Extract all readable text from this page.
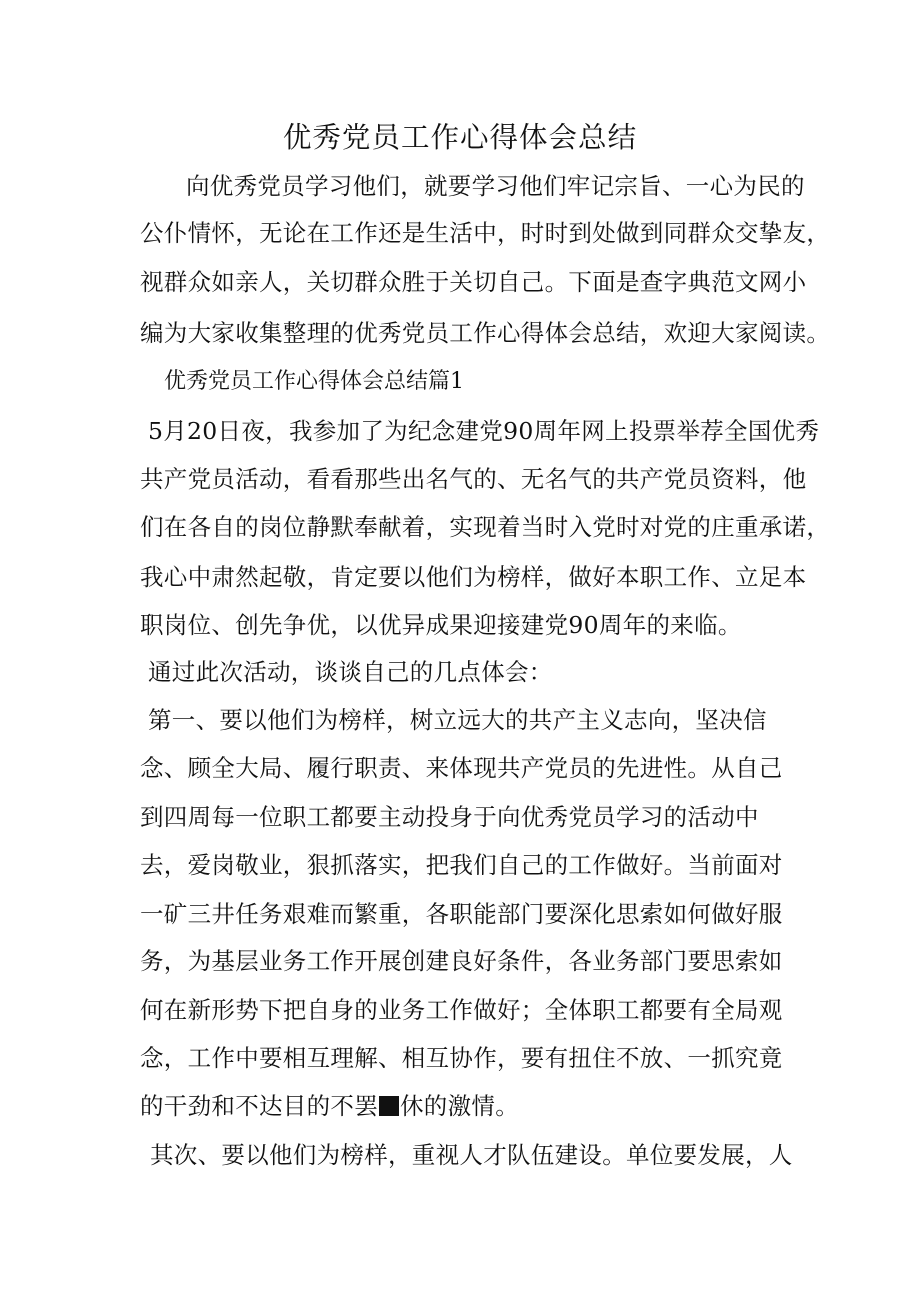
优秀党员工作心得体会总结
向优秀党员学习他们，就要学习他们牢记宗旨、一心为民的
公仆情怀，无论在工作还是生活中，时时到处做到同群众交挚友，
视群众如亲人，关切群众胜于关切自己。下面是查字典范文网小
编为大家收集整理的优秀党员工作心得体会总结，欢迎大家阅读。
优秀党员工作心得体会总结篇1
5月20日夜，我参加了为纪念建党90周年网上投票举荐全国优秀
共产党员活动，看看那些出名气的、无名气的共产党员资料，他
们在各自的岗位静默奉献着，实现着当时入党时对党的庄重承诺，
我心中肃然起敬，肯定要以他们为榜样，做好本职工作、立足本
职岗位、创先争优，以优异成果迎接建党90周年的来临。
通过此次活动，谈谈自己的几点体会：
第一、要以他们为榜样，树立远大的共产主义志向，坚决信
念、顾全大局、履行职责、来体现共产党员的先进性。从自己
到四周每一位职工都要主动投身于向优秀党员学习的活动中
去，爱岗敬业，狠抓落实，把我们自己的工作做好。当前面对
一矿三井任务艰难而繁重，各职能部门要深化思索如何做好服
务，为基层业务工作开展创建良好条件，各业务部门要思索如
何在新形势下把自身的业务工作做好；全体职工都要有全局观
念，工作中要相互理解、相互协作，要有扭住不放、一抓究竟
的干劲和不达目的不罢 休的激情。
其次、要以他们为榜样，重视人才队伍建设。单位要发展，人
